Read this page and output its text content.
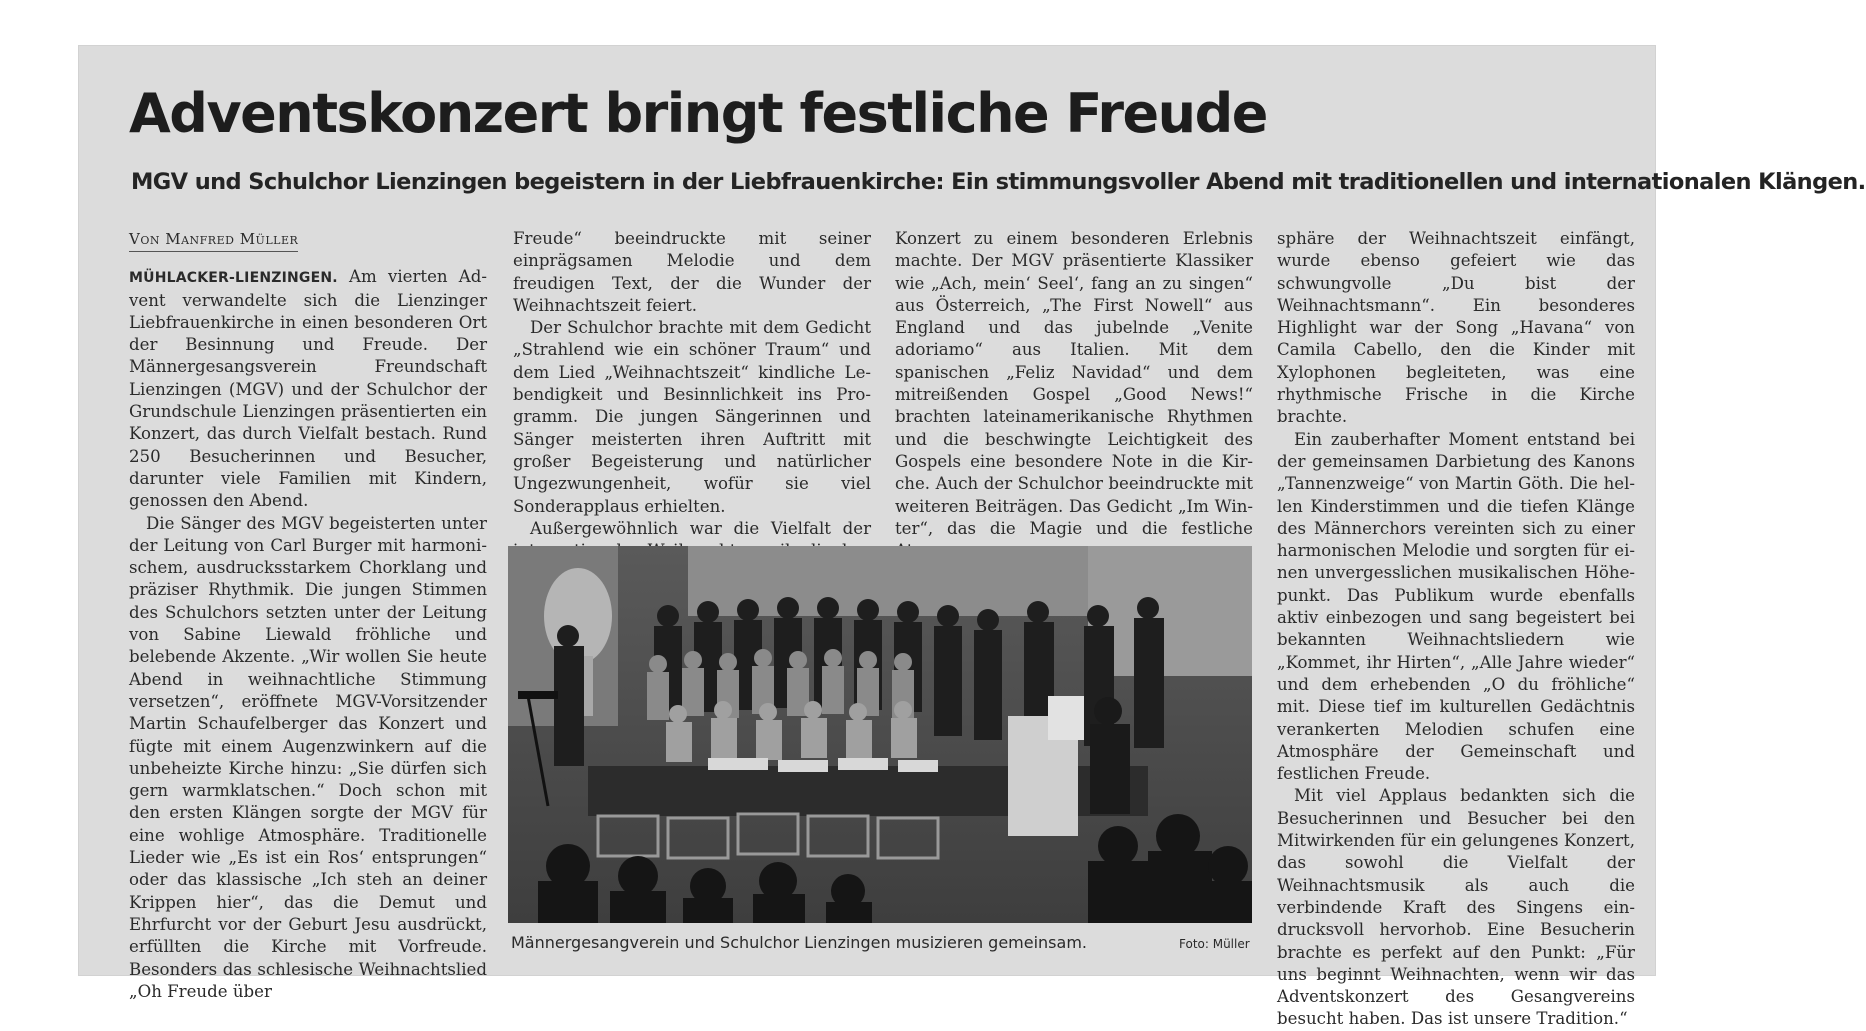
Adventskonzert bringt festliche Freude
MGV und Schulchor Lienzingen begeistern in der Liebfrauenkirche: Ein stimmungsvoller Abend mit traditionellen und internationalen Klängen.
Von Manfred Müller

MÜHLACKER-LIENZINGEN. Am vierten Advent verwandelte sich die Lienzinger Liebfrauenkirche in einen besonderen Ort der Besinnung und Freude. Der Männergesangsverein Freundschaft Lienzingen (MGV) und der Schulchor der Grundschule Lienzingen präsentierten ein Konzert, das durch Vielfalt bestach. Rund 250 Besucherinnen und Besucher, darunter viele Familien mit Kindern, genossen den Abend.

Die Sänger des MGV begeisterten unter der Leitung von Carl Burger mit harmonischem, ausdrucksstarkem Chorklang und präziser Rhythmik. Die jungen Stimmen des Schulchors setzten unter der Leitung von Sabine Liewald fröhliche und belebende Akzente. „Wir wollen Sie heute Abend in weihnachtliche Stimmung versetzen“, eröffnete MGV-Vorsitzender Martin Schaufelberger das Konzert und fügte mit einem Augenzwinkern auf die unbeheizte Kirche hinzu: „Sie dürfen sich gern warmklatschen.“ Doch schon mit den ersten Klängen sorgte der MGV für eine wohlige Atmosphäre. Traditionelle Lieder wie „Es ist ein Ros‘ entsprungen“ oder das klassische „Ich steh an deiner Krippen hier“, das die Demut und Ehrfurcht vor der Geburt Jesu ausdrückt, erfüllten die Kirche mit Vorfreude. Besonders das schlesische Weihnachtslied „Oh Freude über

Freude“ beeindruckte mit seiner einprägsamen Melodie und dem freudigen Text, der die Wunder der Weihnachtszeit feiert.

Der Schulchor brachte mit dem Gedicht „Strahlend wie ein schöner Traum“ und dem Lied „Weihnachtszeit“ kindliche Lebendigkeit und Besinnlichkeit ins Programm. Die jungen Sängerinnen und Sänger meisterten ihren Auftritt mit großer Begeisterung und natürlicher Ungezwungenheit, wofür sie viel Sonderapplaus erhielten.

Außergewöhnlich war die Vielfalt der

Konzert zu einem besonderen Erlebnis machte. Der MGV präsentierte Klassiker wie „Ach, mein‘ Seel‘, fang an zu singen“ aus Österreich, „The First Nowell“ aus England und das jubelnde „Venite adoriamo“ aus Italien. Mit dem spanischen „Feliz Navidad“ und dem mitreißenden Gospel „Good News!“ brachten lateinamerikanische Rhythmen und die beschwingte Leichtigkeit des Gospels eine besondere Note in die Kirche. Auch der Schulchor beeindruckte mit weiteren Beiträgen. Das Gedicht „Im Winter“, das die Magie und die festliche

sphäre der Weihnachtszeit einfängt, wurde ebenso gefeiert wie das schwungvolle „Du bist der Weihnachtsmann“. Ein besonderes Highlight war der Song „Havana“ von Camila Cabello, den die Kinder mit Xylophonen begleiteten, was eine rhythmische Frische in die Kirche brachte.

Ein zauberhafter Moment entstand bei der gemeinsamen Darbietung des Kanons „Tannenzweige“ von Martin Göth. Die hellen Kinderstimmen und die tiefen Klänge des Männerchors vereinten sich zu einer harmonischen Melodie und sorgten für einen unvergesslichen musikalischen Höhepunkt. Das Publikum wurde ebenfalls aktiv einbezogen und sang begeistert bei bekannten Weihnachtsliedern wie „Kommet, ihr Hirten“, „Alle Jahre wieder“ und dem erhebenden „O du fröhliche“ mit. Diese tief im kulturellen Gedächtnis verankerten Melodien schufen eine Atmosphäre der Gemeinschaft und festlichen Freude.

Mit viel Applaus bedankten sich die Besucherinnen und Besucher bei den Mitwirkenden für ein gelungenes Konzert, das sowohl die Vielfalt der Weihnachtsmusik als auch die verbindende Kraft des Singens eindrucksvoll hervorhob. Eine Besucherin brachte es perfekt auf den Punkt: „Für uns beginnt Weihnachten, wenn wir das Adventskonzert des Gesangvereins besucht haben. Das ist unsere Tradition.“

Männergesangverein und Schulchor Lienzingen musizieren gemeinsam.	Foto: Müller
